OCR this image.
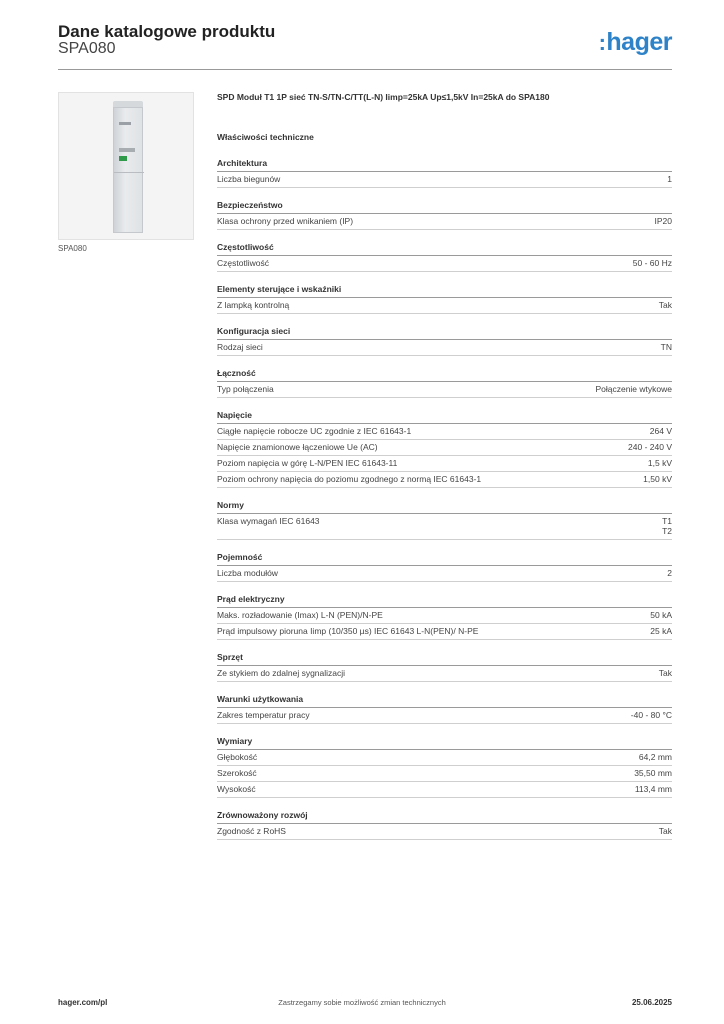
Dane katalogowe produktu
SPA080	:hager
SPA080
SPD Moduł T1 1P sieć TN-S/TN-C/TT(L-N) Iimp=25kA Up≤1,5kV In=25kA do SPA180
Właściwości techniczne
Architektura
Liczba biegunów	1
Bezpieczeństwo
Klasa ochrony przed wnikaniem (IP)	IP20
Częstotliwość
Częstotliwość	50 - 60 Hz
Elementy sterujące i wskaźniki
Z lampką kontrolną	Tak
Konfiguracja sieci
Rodzaj sieci	TN
Łączność
Typ połączenia	Połączenie wtykowe
Napięcie
Ciągłe napięcie robocze UC zgodnie z IEC 61643-1	264 V
Napięcie znamionowe łączeniowe Ue (AC)	240 - 240 V
Poziom napięcia w górę L-N/PEN IEC 61643-11	1,5 kV
Poziom ochrony napięcia do poziomu zgodnego z normą IEC 61643-1	1,50 kV
Normy
Klasa wymagań IEC 61643	T1
T2
Pojemność
Liczba modułów	2
Prąd elektryczny
Maks. rozładowanie (Imax) L-N (PEN)/N-PE	50 kA
Prąd impulsowy pioruna Iimp (10/350 µs) IEC 61643 L-N(PEN)/ N-PE	25 kA
Sprzęt
Ze stykiem do zdalnej sygnalizacji	Tak
Warunki użytkowania
Zakres temperatur pracy	-40 - 80 °C
Wymiary
Głębokość	64,2 mm
Szerokość	35,50 mm
Wysokość	113,4 mm
Zrównoważony rozwój
Zgodność z RoHS	Tak
hager.com/pl	Zastrzegamy sobie możliwość zmian technicznych	25.06.2025
